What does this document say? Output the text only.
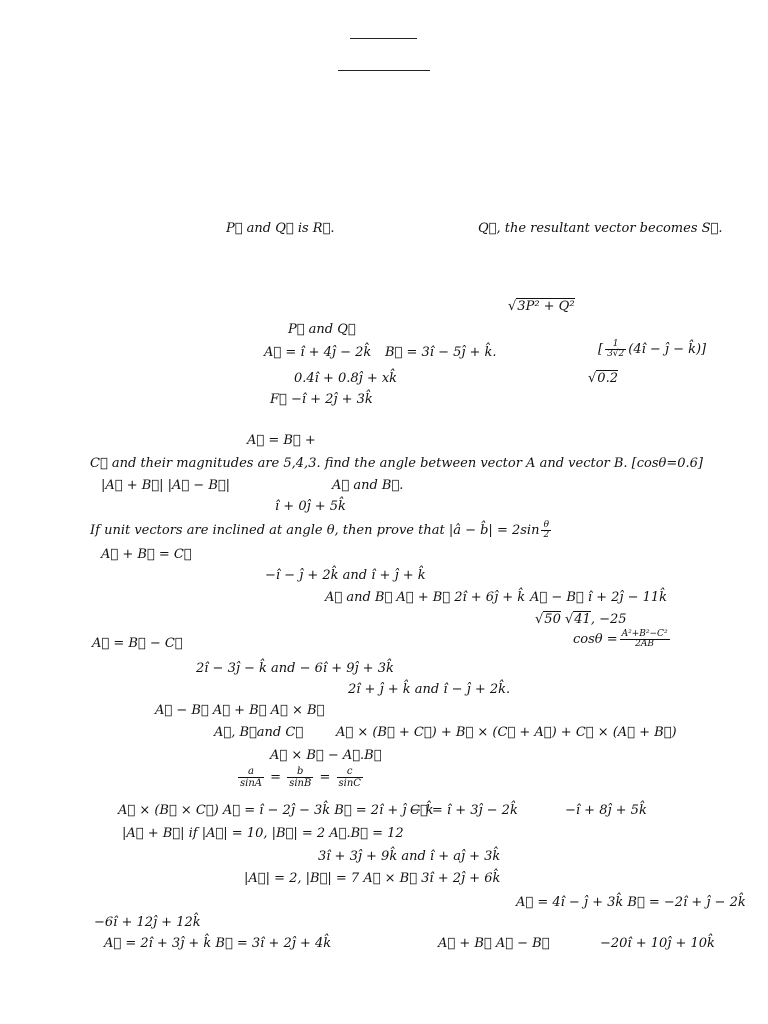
P⃗ and Q⃗ is R⃗.	Q⃗, the resultant vector becomes S⃗.
√3P² + Q²
P⃗ and Q⃗
A⃗ = î + 4ĵ − 2k̂ B⃗ = 3î − 5ĵ + k̂.	[ $\frac{1}{3√2}$ (4î − ĵ − k̂)]
0.4î + 0.8ĵ + xk̂	√0.2
F⃗ −î + 2ĵ + 3k̂
A⃗ = B⃗ +
C⃗ and their magnitudes are 5,4,3. find the angle between vector A and vector B. [cosθ=0.6]
|A⃗ + B⃗| |A⃗ − B⃗|	A⃗ and B⃗.
î + 0ĵ + 5k̂
If unit vectors are inclined at angle θ, then prove that |â − b̂| = $2\sin \frac{\theta}{2}$
A⃗ + B⃗ = C⃗
−î − ĵ + 2k̂ and î + ĵ + k̂
A⃗ and B⃗ A⃗ + B⃗ 2î + 6ĵ + k̂ A⃗ − B⃗ î + 2ĵ − 11k̂
√50 √41, −25
A⃗ = B⃗ − C⃗	$\cos\theta = \frac{\text{A²+B²−C²}}{2AB}$
2î − 3ĵ − k̂ and − 6î + 9ĵ + 3k̂
2î + ĵ + k̂ and î − ĵ + 2k̂.
A⃗ − B⃗ A⃗ + B⃗ A⃗ × B⃗
A⃗, B⃗and C⃗	A⃗ × (B⃗ + C⃗) + B⃗ × (C⃗ + A⃗) + C⃗ × (A⃗ + B⃗)
A⃗ × B⃗ − A⃗.B⃗
$\frac{a}{\sin A} = \frac{b}{\sin B} = \frac{c}{\sin C}$
A⃗ × (B⃗ × C⃗) A⃗ = î − 2ĵ − 3k̂ B⃗ = 2î + ĵ − k̂
C⃗ = î + 3ĵ − 2k̂	−î + 8ĵ + 5k̂
|A⃗ + B⃗| if |A⃗| = 10, |B⃗| = 2 A⃗.B⃗ = 12
3î + 3ĵ + 9k̂ and î + aĵ + 3k̂
|A⃗| = 2, |B⃗| = 7 A⃗ × B⃗ 3î + 2ĵ + 6k̂
A⃗ = 4î − ĵ + 3k̂ B⃗ = −2î + ĵ − 2k̂
−6î + 12ĵ + 12k̂
A⃗ = 2î + 3ĵ + k̂ B⃗ = 3î + 2ĵ + 4k̂	A⃗ + B⃗ A⃗ − B⃗	−20î + 10ĵ + 10k̂
